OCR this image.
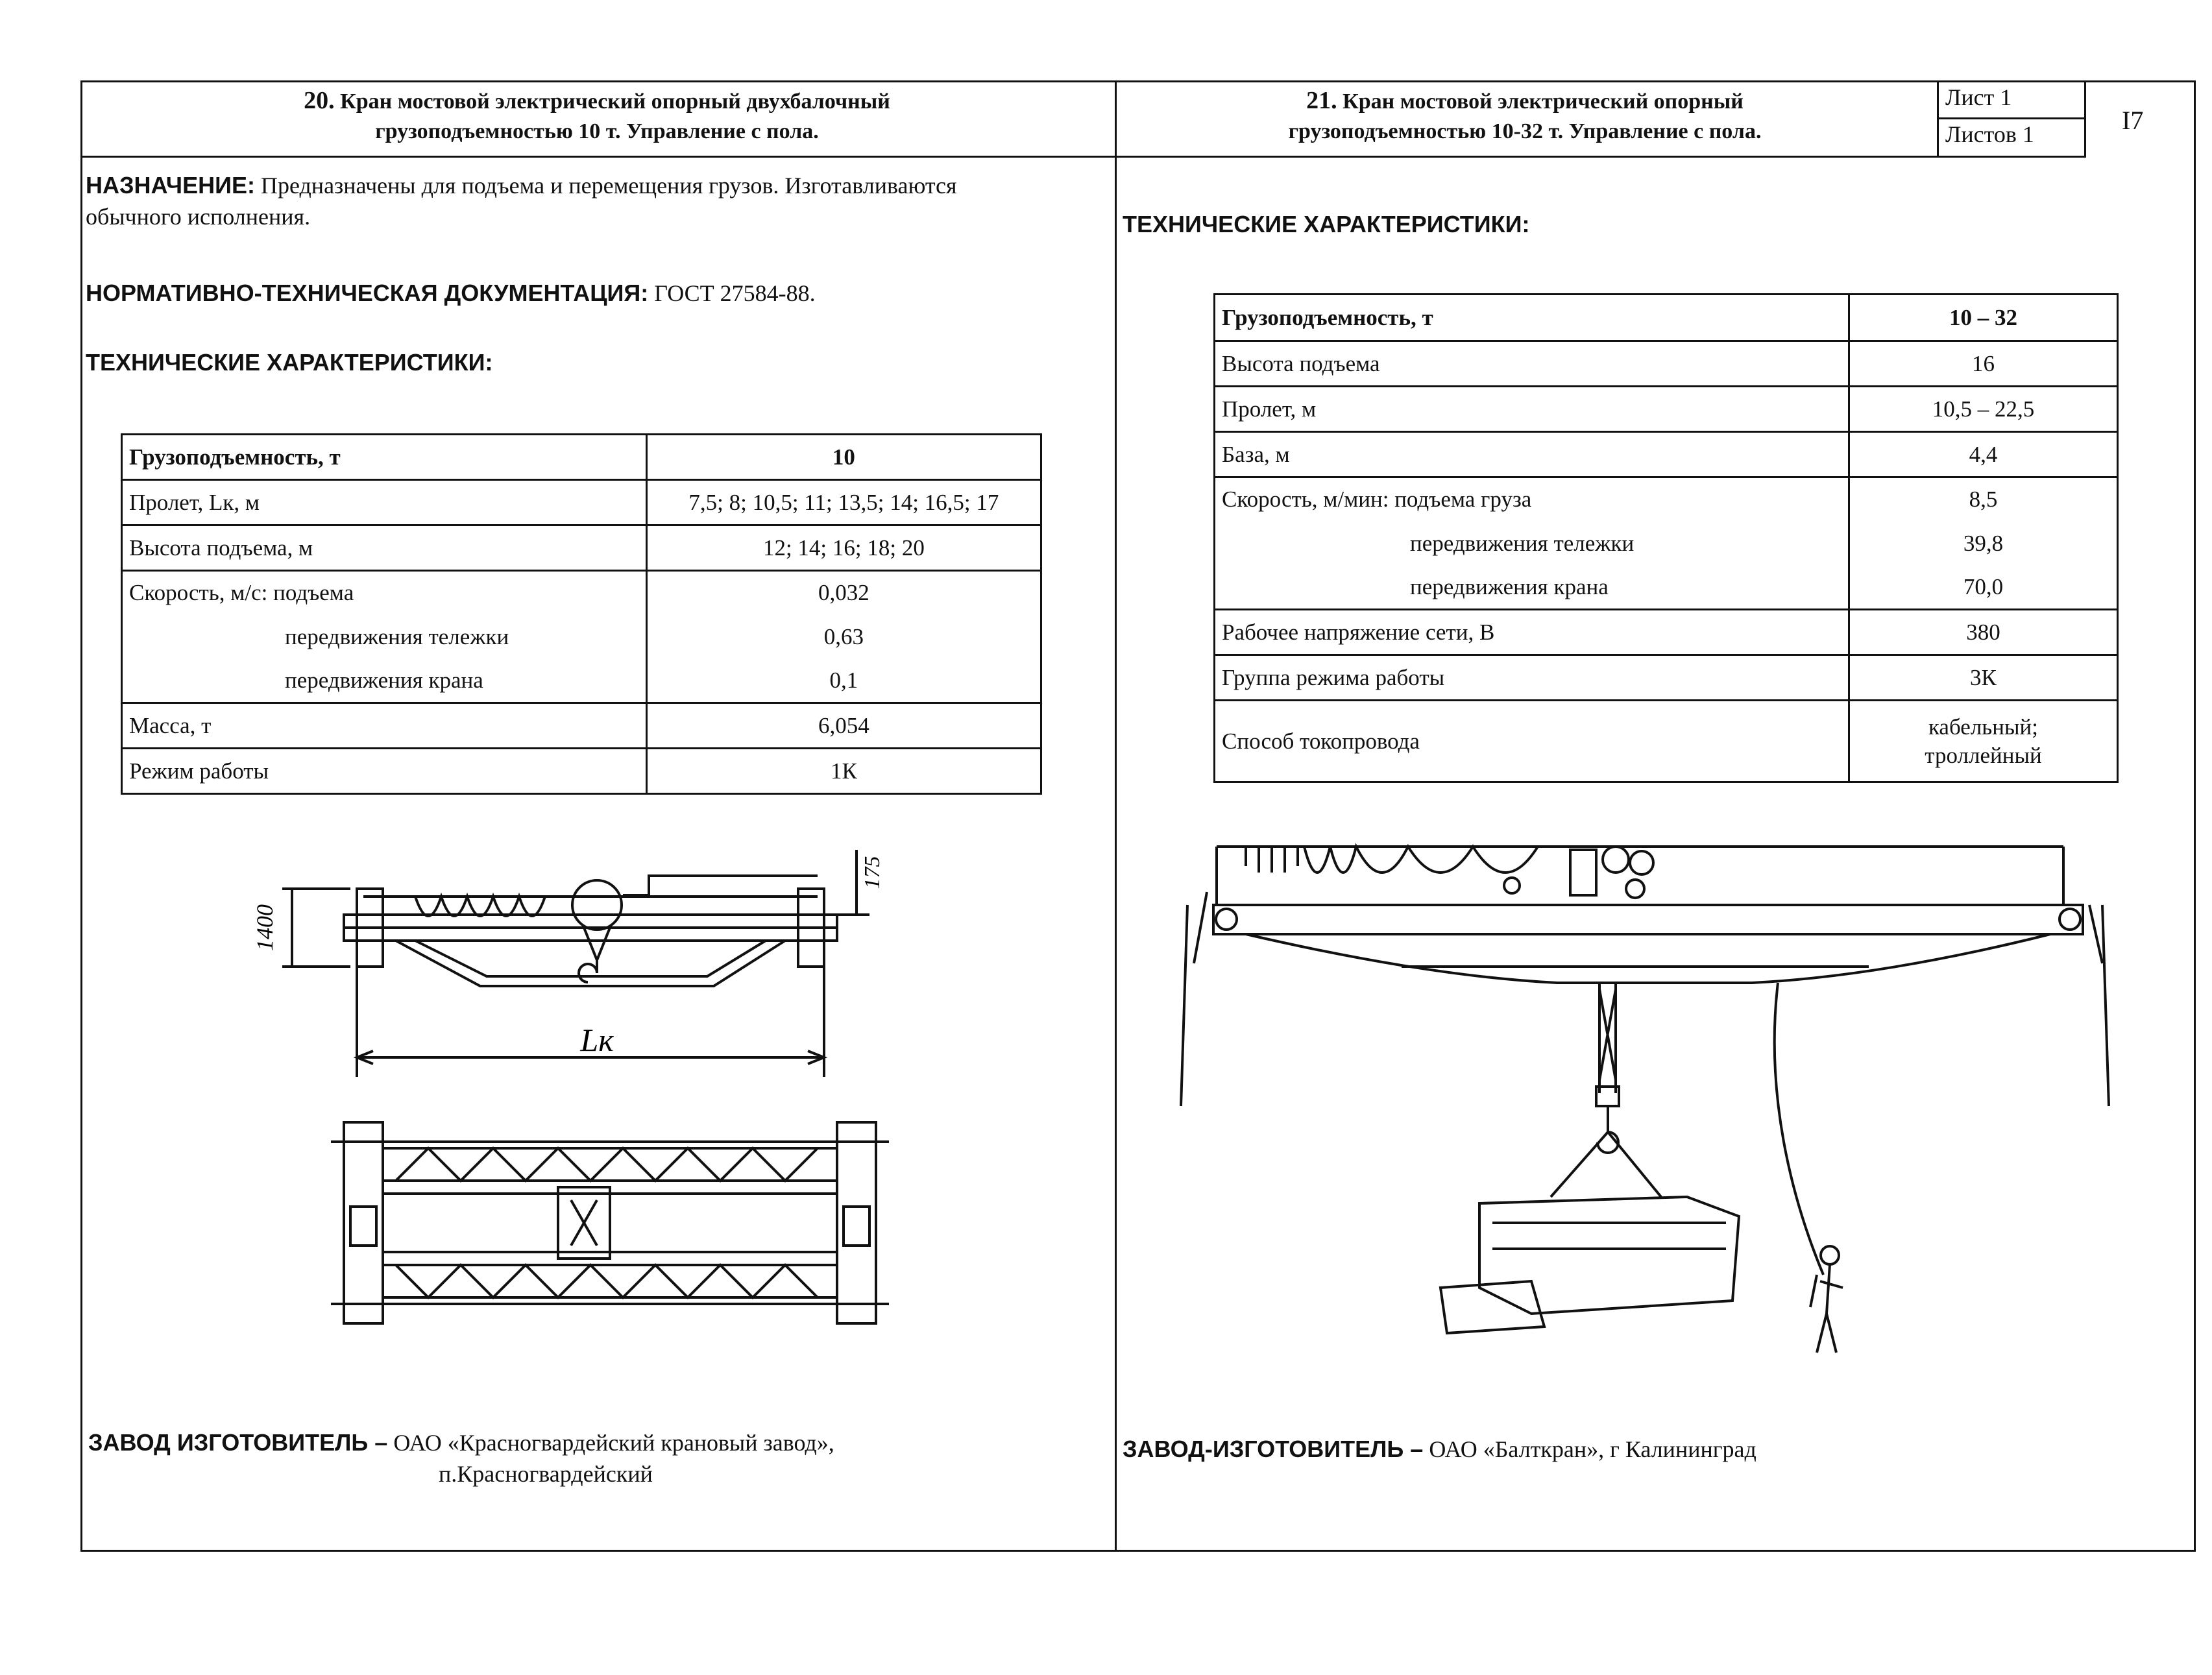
20. Кран мостовой электрический опорный двухбалочный
грузоподъемностью 10 т. Управление с пола.
21. Кран мостовой электрический опорный
грузоподъемностью 10-32 т. Управление с пола.
Лист 1
Листов 1	I7
НАЗНАЧЕНИЕ: Предназначены для подъема и перемещения грузов. Изготавливаются
обычного исполнения.
НОРМАТИВНО-ТЕХНИЧЕСКАЯ ДОКУМЕНТАЦИЯ: ГОСТ 27584-88.
ТЕХНИЧЕСКИЕ ХАРАКТЕРИСТИКИ:
Грузоподъемность, т	10
Пролет, Lк, м	7,5; 8; 10,5; 11; 13,5; 14; 16,5; 17
Высота подъема, м	12; 14; 16; 18; 20
Скорость, м/с: подъема	0,032
передвижения тележки	0,63
передвижения крана	0,1
Масса, т	6,054
Режим работы	1К
1400
175
Lк
ЗАВОД ИЗГОТОВИТЕЛЬ – ОАО «Красногвардейский крановый завод»,
п.Красногвардейский
ТЕХНИЧЕСКИЕ ХАРАКТЕРИСТИКИ:
Грузоподъемность, т	10 – 32
Высота подъема	16
Пролет, м	10,5 – 22,5
База, м	4,4
Скорость, м/мин: подъема груза	8,5
передвижения тележки	39,8
передвижения крана	70,0
Рабочее напряжение сети, В	380
Группа режима работы	3К
Способ токопровода	кабельный;
троллейный
ЗАВОД-ИЗГОТОВИТЕЛЬ – ОАО «Балткран», г Калининград
